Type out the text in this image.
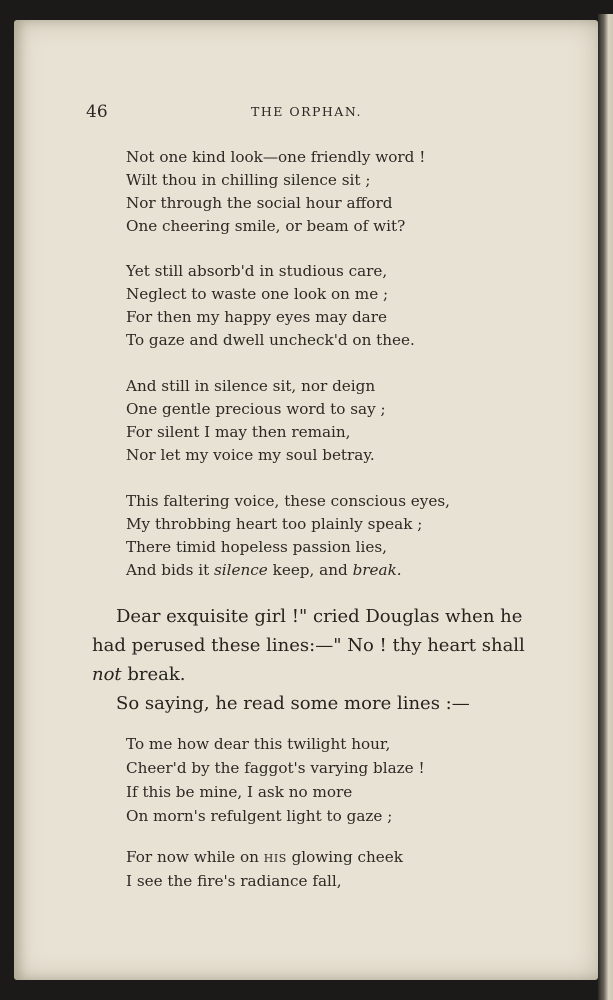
46	THE ORPHAN.
Not one kind look—one friendly word !
Wilt thou in chilling silence sit ;
Nor through the social hour afford
One cheering smile, or beam of wit?
Yet still absorb'd in studious care,
Neglect to waste one look on me ;
For then my happy eyes may dare
To gaze and dwell uncheck'd on thee.
And still in silence sit, nor deign
One gentle precious word to say ;
For silent I may then remain,
Nor let my voice my soul betray.
This faltering voice, these conscious eyes,
My throbbing heart too plainly speak ;
There timid hopeless passion lies,
And bids it silence keep, and break.
Dear exquisite girl !" cried Douglas when he
had perused these lines:—" No ! thy heart shall
not break.
So saying, he read some more lines :—
To me how dear this twilight hour,
Cheer'd by the faggot's varying blaze !
If this be mine, I ask no more
On morn's refulgent light to gaze ;
For now while on his glowing cheek
I see the fire's radiance fall,
